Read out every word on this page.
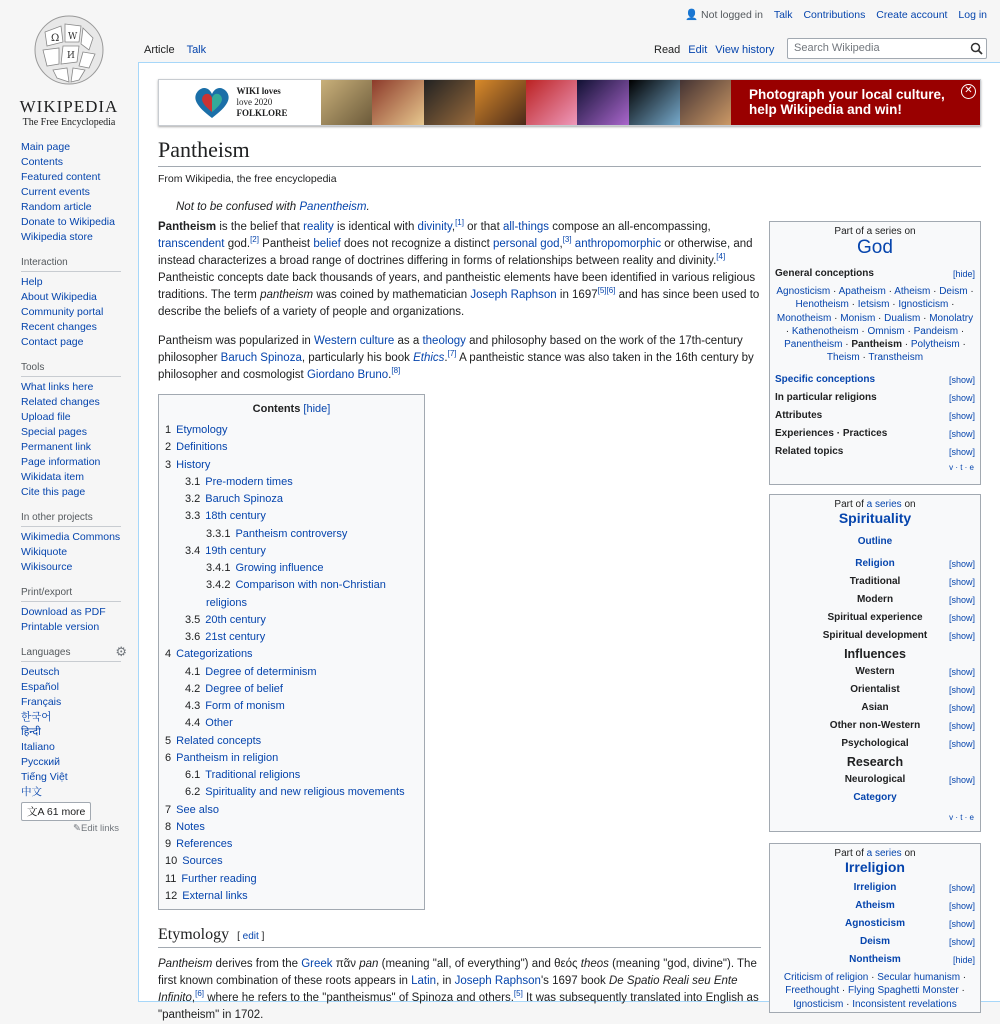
Ω W
И
WIKIPEDIA
The Free Encyclopedia
👤 Not logged in Talk Contributions Create account Log in
Article Talk	Read Edit View history	Search Wikipedia
Main page
Contents
Featured content
Current events
Random article
Donate to Wikipedia
Wikipedia store
Interaction
Help
About Wikipedia
Community portal
Recent changes
Contact page
Tools
What links here
Related changes
Upload file
Special pages
Permanent link
Page information
Wikidata item
Cite this page
In other projects
Wikimedia Commons
Wikiquote
Wikisource
Print/export
Download as PDF
Printable version
Languages	⚙
Deutsch
Español
Français
한국어
हिन्दी
Italiano
Русский
Tiếng Việt
中文
文A 61 more
✎Edit links
WIKI loves
love 2020
FOLKLORE
Photograph your local culture, help Wikipedia and win!
✕
Pantheism
From Wikipedia, the free encyclopedia
Not to be confused with Panentheism.

Pantheism is the belief that reality is identical with divinity,[1] or that all-things compose an all-encompassing, transcendent god.[2] Pantheist belief does not recognize a distinct personal god,[3] anthropomorphic or otherwise, and instead characterizes a broad range of doctrines differing in forms of relationships between reality and divinity.[4] Pantheistic concepts date back thousands of years, and pantheistic elements have been identified in various religious traditions. The term pantheism was coined by mathematician Joseph Raphson in 1697[5][6] and has since been used to describe the beliefs of a variety of people and organizations.

Pantheism was popularized in Western culture as a theology and philosophy based on the work of the 17th-century philosopher Baruch Spinoza, particularly his book Ethics.[7] A pantheistic stance was also taken in the 16th century by philosopher and cosmologist Giordano Bruno.[8]

Contents [hide]
1 Etymology
2 Definitions
3 History
3.1 Pre-modern times
3.2 Baruch Spinoza
3.3 18th century
3.3.1 Pantheism controversy
3.4 19th century
3.4.1 Growing influence
3.4.2 Comparison with non-Christian religions
3.5 20th century
3.6 21st century
4 Categorizations
4.1 Degree of determinism
4.2 Degree of belief
4.3 Form of monism
4.4 Other
5 Related concepts
6 Pantheism in religion
6.1 Traditional religions
6.2 Spirituality and new religious movements
7 See also
8 Notes
9 References
10 Sources
11 Further reading
12 External links
Etymology [ edit ]

Pantheism derives from the Greek πᾶν pan (meaning "all, of everything") and θεός theos (meaning "god, divine"). The first known combination of these roots appears in Latin, in Joseph Raphson's 1697 book De Spatio Reali seu Ente Infinito,[6] where he refers to the "pantheismus" of Spinoza and others.[5] It was subsequently translated into English as "pantheism" in 1702.

Part of a series on
God
General conceptions	[hide]
Agnosticism · Apatheism · Atheism · Deism · Henotheism · Ietsism · Ignosticism · Monotheism · Monism · Dualism · Monolatry · Kathenotheism · Omnism · Pandeism · Panentheism · Pantheism · Polytheism · Theism · Transtheism
Specific conceptions	[show]
In particular religions	[show]
Attributes	[show]
Experiences · Practices	[show]
Related topics	[show]
v · t · e
Part of a series on
Spirituality
Outline
Religion	[show]
Traditional	[show]
Modern	[show]
Spiritual experience	[show]
Spiritual development [show]
Influences
Western	[show]
Orientalist	[show]
Asian	[show]
Other non-Western	[show]
Psychological	[show]
Research
Neurological	[show]
Category
v · t · e
Part of a series on
Irreligion
Irreligion	[show]
Atheism	[show]
Agnosticism	[show]
Deism	[show]
Nontheism	[hide]
Criticism of religion · Secular humanism · Freethought · Flying Spaghetti Monster · Ignosticism · Inconsistent revelations
